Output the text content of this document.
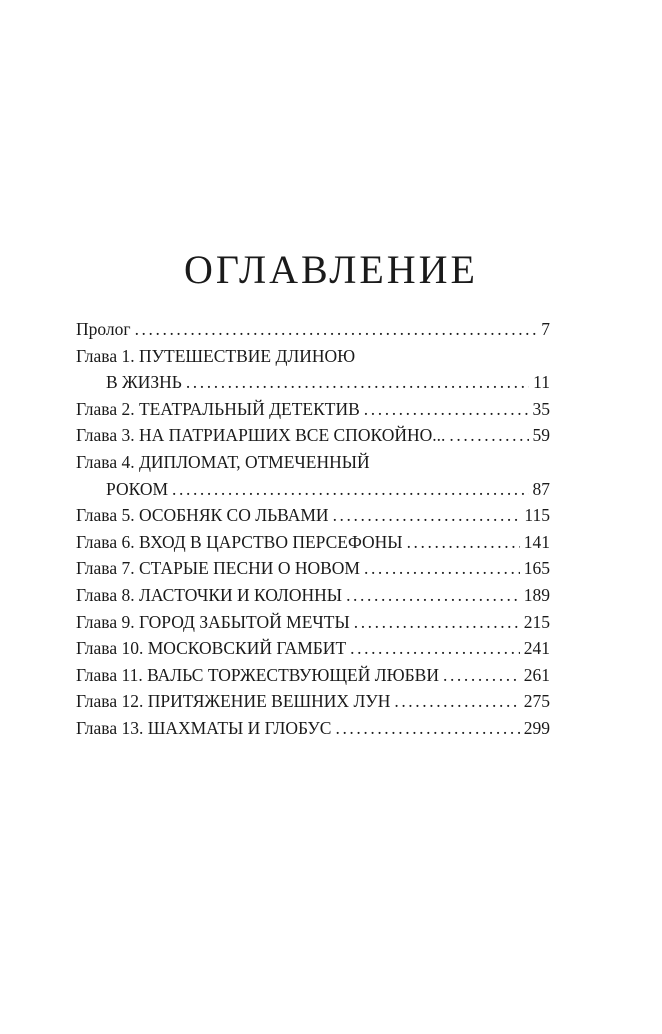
ОГЛАВЛЕНИЕ
Пролог .....	7
Глава 1. ПУТЕШЕСТВИЕ ДЛИНОЮ
В ЖИЗНЬ .....	11
Глава 2. ТЕАТРАЛЬНЫЙ ДЕТЕКТИВ .....	35
Глава 3. НА ПАТРИАРШИХ ВСЕ СПОКОЙНО... .....	59
Глава 4. ДИПЛОМАТ, ОТМЕЧЕННЫЙ
РОКОМ .....	87
Глава 5. ОСОБНЯК СО ЛЬВАМИ .....	115
Глава 6. ВХОД В ЦАРСТВО ПЕРСЕФОНЫ .....	141
Глава 7. СТАРЫЕ ПЕСНИ О НОВОМ .....	165
Глава 8. ЛАСТОЧКИ И КОЛОННЫ .....	189
Глава 9. ГОРОД ЗАБЫТОЙ МЕЧТЫ .....	215
Глава 10. МОСКОВСКИЙ ГАМБИТ .....	241
Глава 11. ВАЛЬС ТОРЖЕСТВУЮЩЕЙ ЛЮБВИ .....	261
Глава 12. ПРИТЯЖЕНИЕ ВЕШНИХ ЛУН .....	275
Глава 13. ШАХМАТЫ И ГЛОБУС .....	299
